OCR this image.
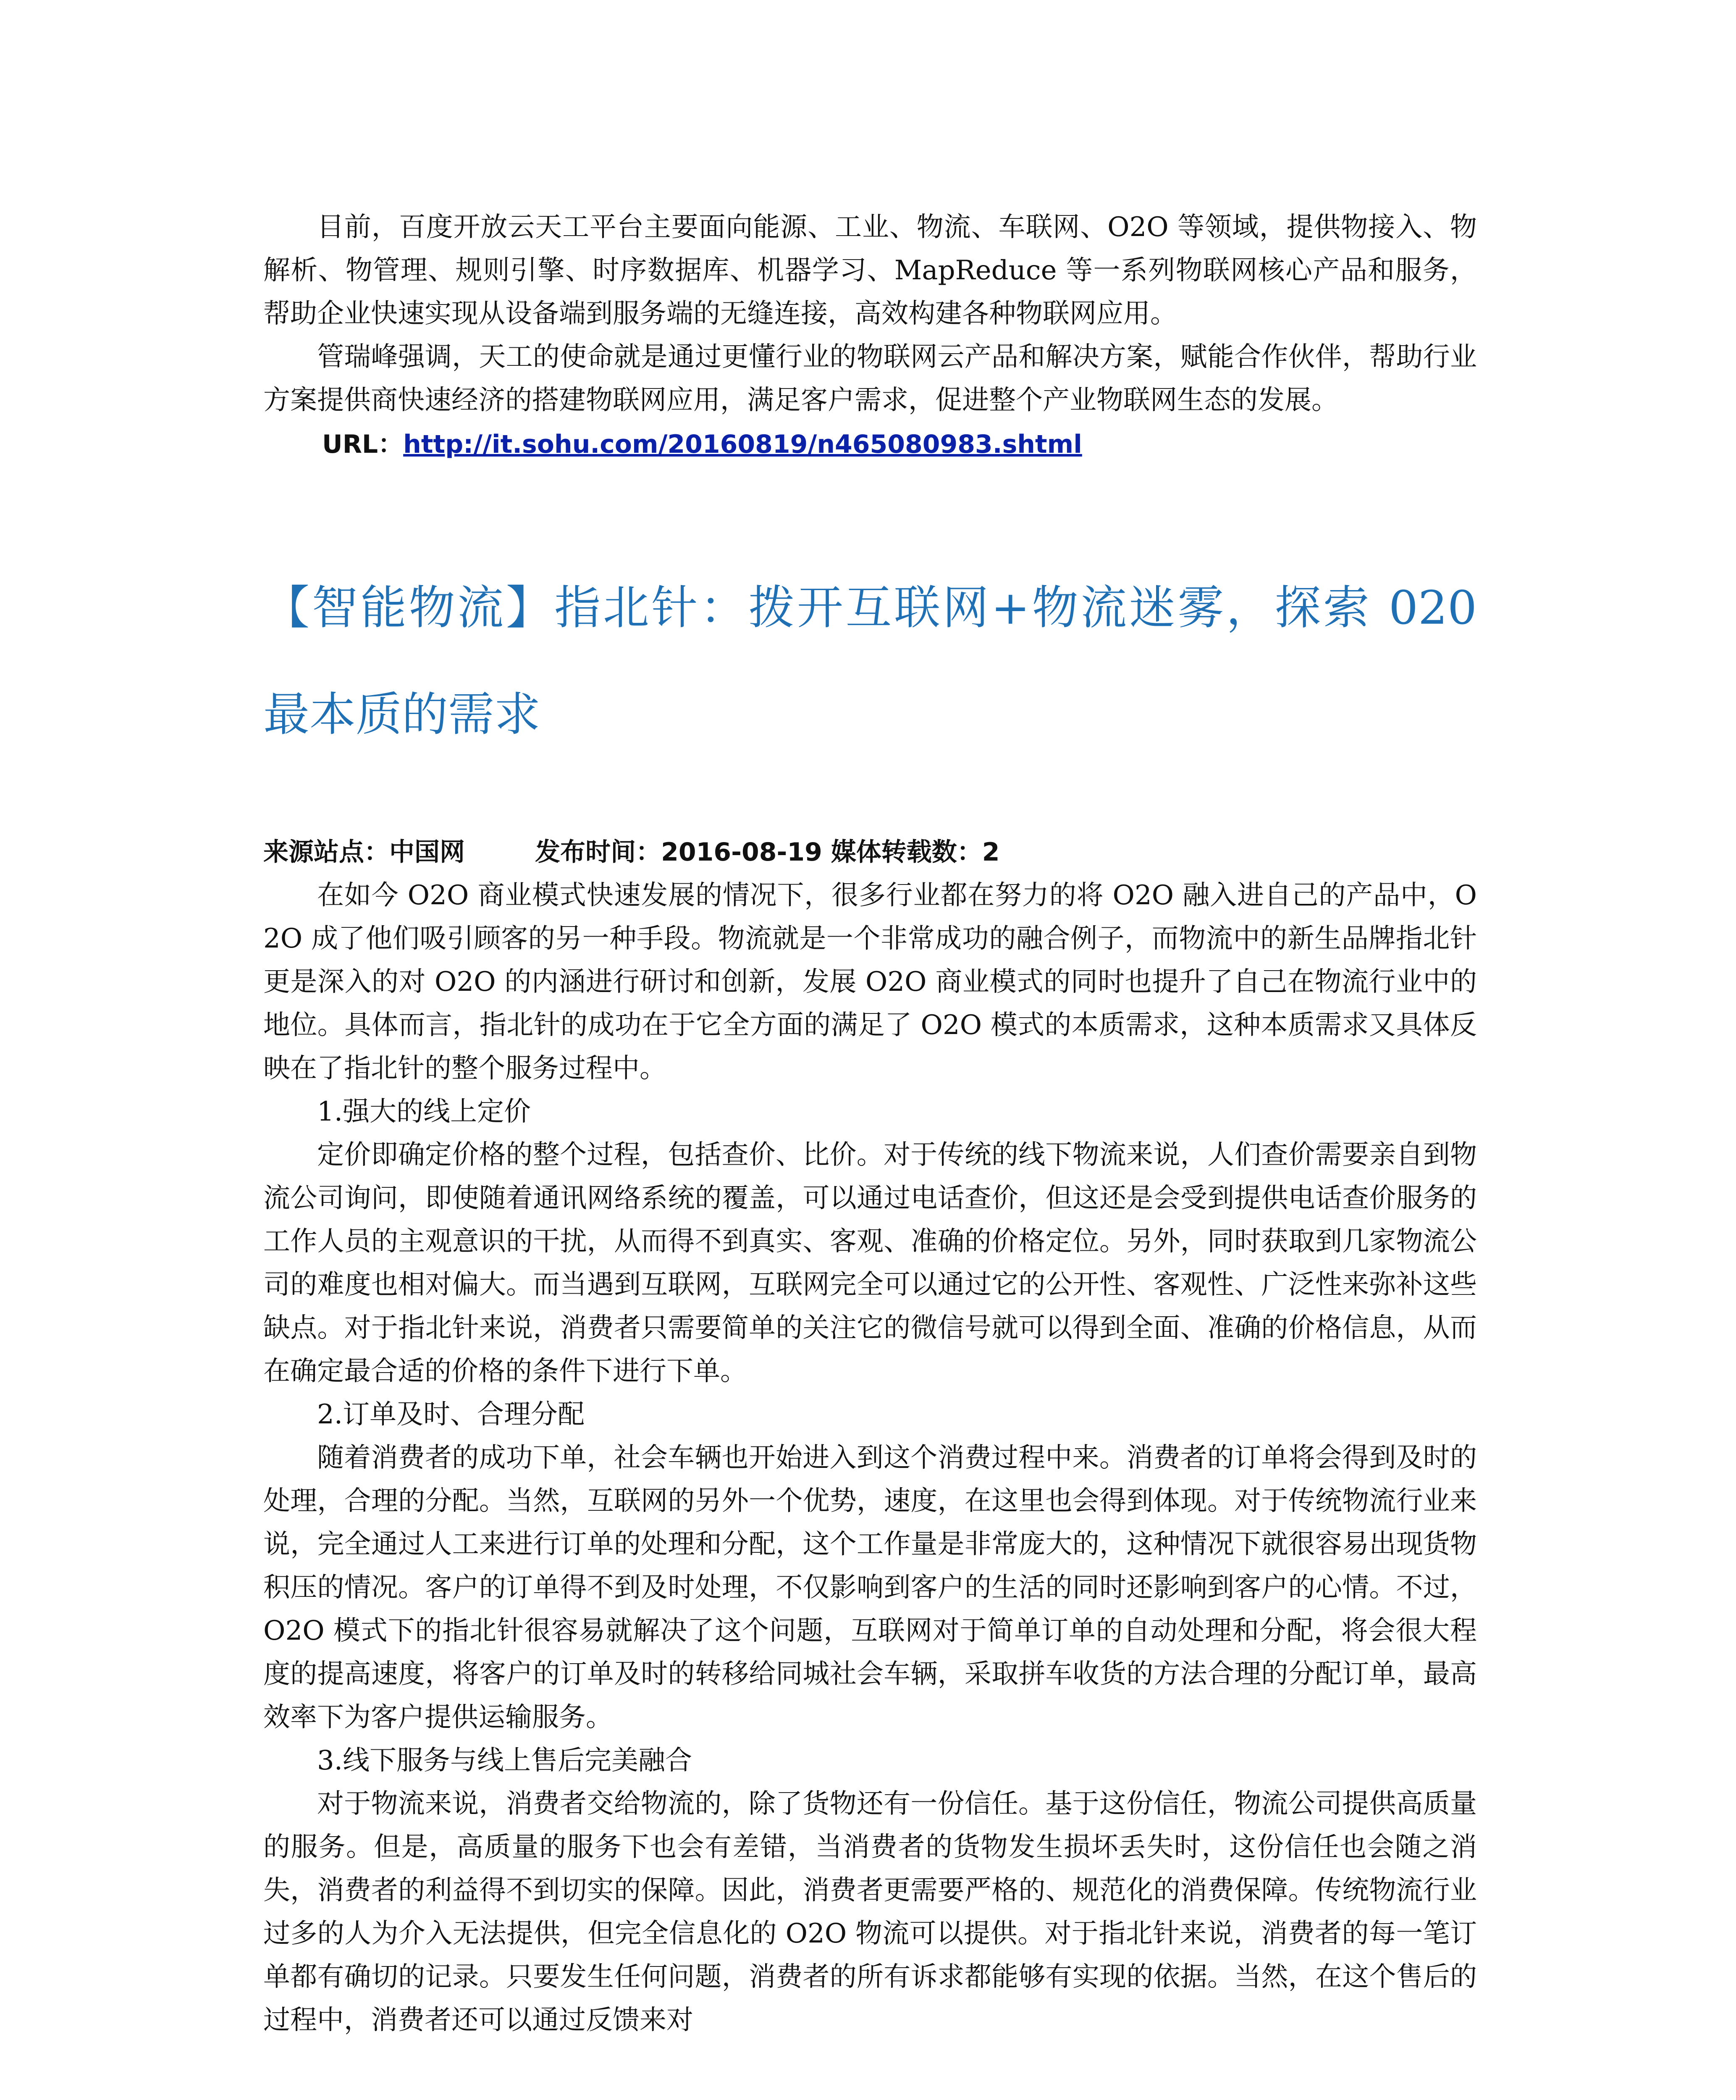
目前，百度开放云天工平台主要面向能源、工业、物流、车联网、O2O 等领域，提供物接入、物解析、物管理、规则引擎、时序数据库、机器学习、MapReduce 等一系列物联网核心产品和服务，帮助企业快速实现从设备端到服务端的无缝连接，高效构建各种物联网应用。

管瑞峰强调，天工的使命就是通过更懂行业的物联网云产品和解决方案，赋能合作伙伴，帮助行业方案提供商快速经济的搭建物联网应用，满足客户需求，促进整个产业物联网生态的发展。

URL：http://it.sohu.com/20160819/n465080983.shtml

【智能物流】指北针：拨开互联网+物流迷雾，探索 020 最本质的需求

来源站点：中国网	发布时间：2016-08-19 媒体转载数：2

在如今 O2O 商业模式快速发展的情况下，很多行业都在努力的将 O2O 融入进自己的产品中，O2O 成了他们吸引顾客的另一种手段。物流就是一个非常成功的融合例子，而物流中的新生品牌指北针更是深入的对 O2O 的内涵进行研讨和创新，发展 O2O 商业模式的同时也提升了自己在物流行业中的地位。具体而言，指北针的成功在于它全方面的满足了 O2O 模式的本质需求，这种本质需求又具体反映在了指北针的整个服务过程中。

1.强大的线上定价

定价即确定价格的整个过程，包括查价、比价。对于传统的线下物流来说，人们查价需要亲自到物流公司询问，即使随着通讯网络系统的覆盖，可以通过电话查价，但这还是会受到提供电话查价服务的工作人员的主观意识的干扰，从而得不到真实、客观、准确的价格定位。另外，同时获取到几家物流公司的难度也相对偏大。而当遇到互联网，互联网完全可以通过它的公开性、客观性、广泛性来弥补这些缺点。对于指北针来说，消费者只需要简单的关注它的微信号就可以得到全面、准确的价格信息，从而在确定最合适的价格的条件下进行下单。

2.订单及时、合理分配

随着消费者的成功下单，社会车辆也开始进入到这个消费过程中来。消费者的订单将会得到及时的处理，合理的分配。当然，互联网的另外一个优势，速度，在这里也会得到体现。对于传统物流行业来说，完全通过人工来进行订单的处理和分配，这个工作量是非常庞大的，这种情况下就很容易出现货物积压的情况。客户的订单得不到及时处理，不仅影响到客户的生活的同时还影响到客户的心情。不过，O2O 模式下的指北针很容易就解决了这个问题，互联网对于简单订单的自动处理和分配，将会很大程度的提高速度，将客户的订单及时的转移给同城社会车辆，采取拼车收货的方法合理的分配订单，最高效率下为客户提供运输服务。

3.线下服务与线上售后完美融合

对于物流来说，消费者交给物流的，除了货物还有一份信任。基于这份信任，物流公司提供高质量的服务。但是，高质量的服务下也会有差错，当消费者的货物发生损坏丢失时，这份信任也会随之消失，消费者的利益得不到切实的保障。因此，消费者更需要严格的、规范化的消费保障。传统物流行业过多的人为介入无法提供，但完全信息化的 O2O 物流可以提供。对于指北针来说，消费者的每一笔订单都有确切的记录。只要发生任何问题，消费者的所有诉求都能够有实现的依据。当然，在这个售后的过程中，消费者还可以通过反馈来对
